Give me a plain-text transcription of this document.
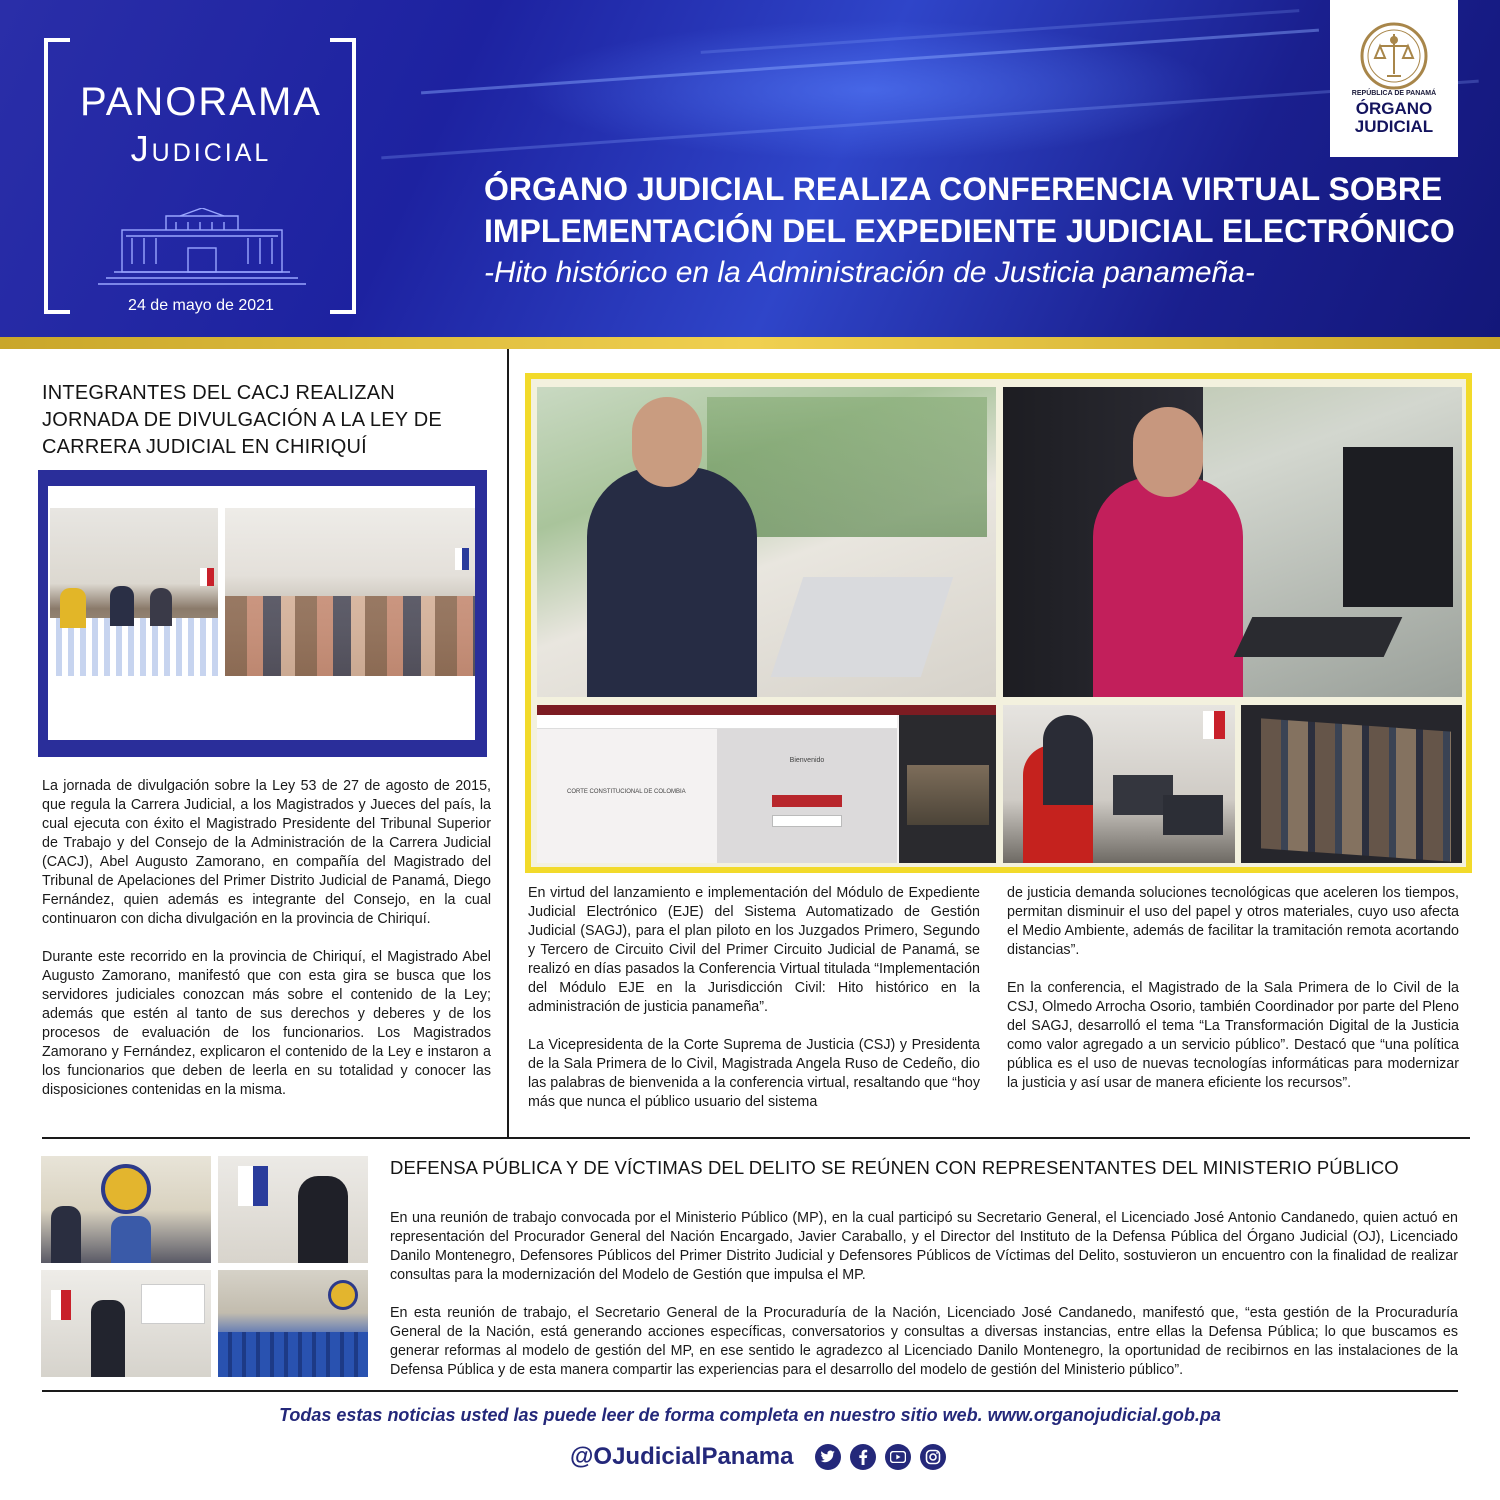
PANORAMA
Judicial
24 de mayo de 2021
REPÚBLICA DE PANAMÁ
ÓRGANO
JUDICIAL
ÓRGANO JUDICIAL REALIZA CONFERENCIA VIRTUAL SOBRE
IMPLEMENTACIÓN DEL EXPEDIENTE JUDICIAL ELECTRÓNICO
-Hito histórico en la Administración de Justicia panameña-
INTEGRANTES DEL CACJ REALIZAN JORNADA DE DIVULGACIÓN A LA LEY DE CARRERA JUDICIAL EN CHIRIQUÍ

La jornada de divulgación sobre la Ley 53 de 27 de agosto de 2015, que regula la Carrera Judicial, a los Magistrados y Jueces del país, la cual ejecuta con éxito el Magistrado Presidente del Tribunal Superior de Trabajo y del Consejo de la Administración de la Carrera Judicial (CACJ), Abel Augusto Zamorano, en compañía del Magistrado del Tribunal de Apelaciones del Primer Distrito Judicial de Panamá, Diego Fernández, quien además es integrante del Consejo, en la cual continuaron con dicha divulgación en la provincia de Chiriquí.

Durante este recorrido en la provincia de Chiriquí, el Magistrado Abel Augusto Zamorano, manifestó que con esta gira se busca que los servidores judiciales conozcan más sobre el contenido de la Ley; además que estén al tanto de sus derechos y deberes y de los procesos de evaluación de los funcionarios. Los Magistrados Zamorano y Fernández, explicaron el contenido de la Ley e instaron a los funcionarios que deben de leerla en su totalidad y conocer las disposiciones contenidas en la misma.

Bienvenido
CORTE CONSTITUCIONAL DE COLOMBIA

En virtud del lanzamiento e implementación del Módulo de Expediente Judicial Electrónico (EJE) del Sistema Automatizado de Gestión Judicial (SAGJ), para el plan piloto en los Juzgados Primero, Segundo y Tercero de Circuito Civil del Primer Circuito Judicial de Panamá, se realizó en días pasados la Conferencia Virtual titulada “Implementación del Módulo EJE en la Jurisdicción Civil: Hito histórico en la administración de justicia panameña”.

La Vicepresidenta de la Corte Suprema de Justicia (CSJ) y Presidenta de la Sala Primera de lo Civil, Magistrada Angela Ruso de Cedeño, dio las palabras de bienvenida a la conferencia virtual, resaltando que “hoy más que nunca el público usuario del sistema

de justicia demanda soluciones tecnológicas que aceleren los tiempos, permitan disminuir el uso del papel y otros materiales, cuyo uso afecta el Medio Ambiente, además de facilitar la tramitación remota acortando distancias”.

En la conferencia, el Magistrado de la Sala Primera de lo Civil de la CSJ, Olmedo Arrocha Osorio, también Coordinador por parte del Pleno del SAGJ, desarrolló el tema “La Transformación Digital de la Justicia como valor agregado a un servicio público”. Destacó que “una política pública es el uso de nuevas tecnologías informáticas para modernizar la justicia y así usar de manera eficiente los recursos”.

DEFENSA PÚBLICA Y DE VÍCTIMAS DEL DELITO SE REÚNEN CON REPRESENTANTES DEL MINISTERIO PÚBLICO

En una reunión de trabajo convocada por el Ministerio Público (MP), en la cual participó su Secretario General, el Licenciado José Antonio Candanedo, quien actuó en representación del Procurador General del Nación Encargado, Javier Caraballo, y el Director del Instituto de la Defensa Pública del Órgano Judicial (OJ), Licenciado Danilo Montenegro, Defensores Públicos del Primer Distrito Judicial y Defensores Públicos de Víctimas del Delito, sostuvieron un encuentro con la finalidad de realizar consultas para la modernización del Modelo de Gestión que impulsa el MP.

En esta reunión de trabajo, el Secretario General de la Procuraduría de la Nación, Licenciado José Candanedo, manifestó que, “esta gestión de la Procuraduría General de la Nación, está generando acciones específicas, conversatorios y consultas a diversas instancias, entre ellas la Defensa Pública; lo que buscamos es generar reformas al modelo de gestión del MP, en ese sentido le agradezco al Licenciado Danilo Montenegro, la oportunidad de recibirnos en las instalaciones de la Defensa Pública y de esta manera compartir las experiencias para el desarrollo del modelo de gestión del Ministerio público”.

Todas estas noticias usted las puede leer de forma completa en nuestro sitio web. www.organojudicial.gob.pa
@OJudicialPanama
